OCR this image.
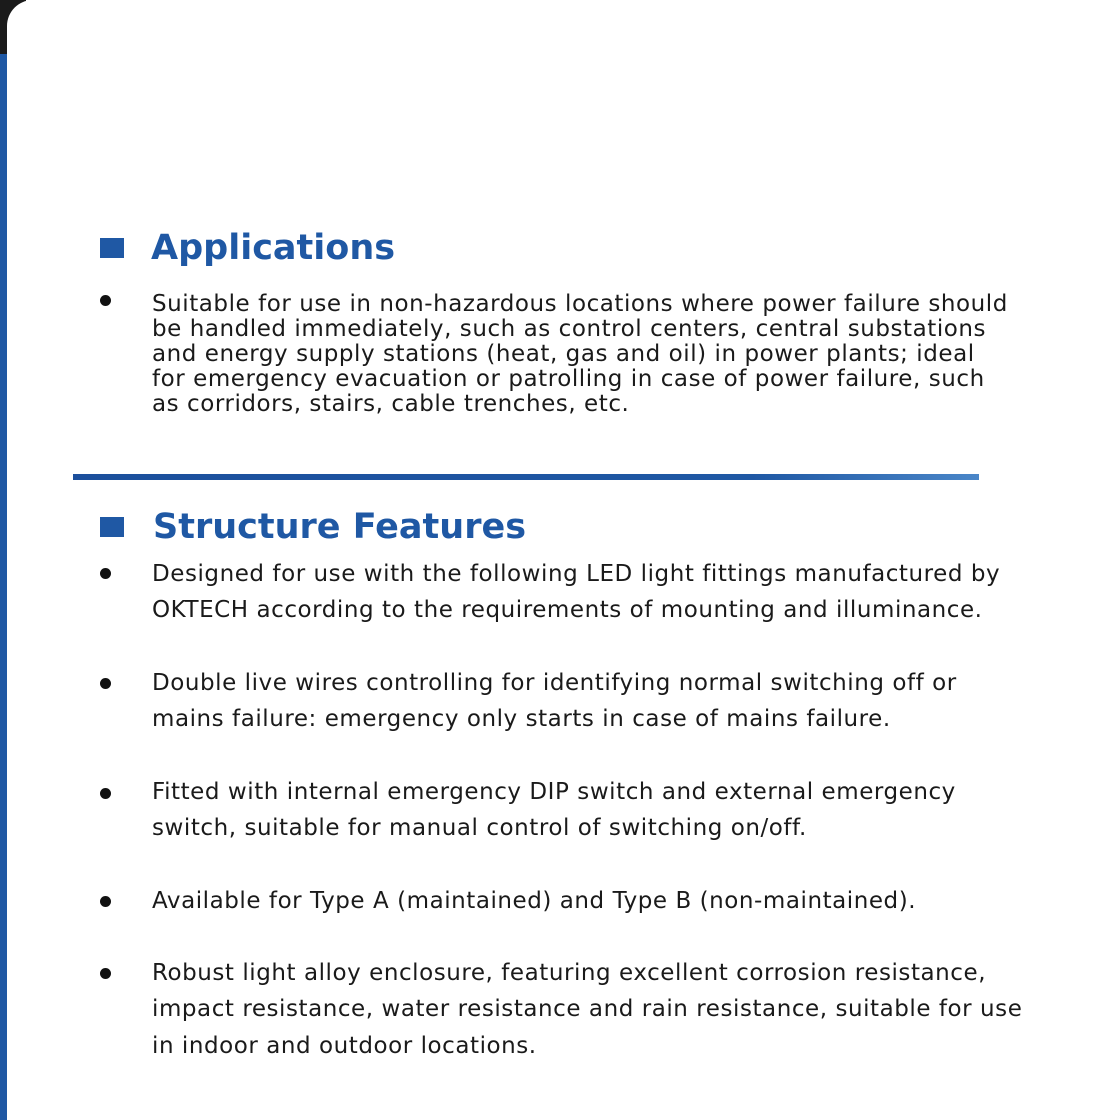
Applications

Suitable for use in non-hazardous locations where power failure should be handled immediately, such as control centers, central substations and energy supply stations (heat, gas and oil) in power plants; ideal for emergency evacuation or patrolling in case of power failure, such as corridors, stairs, cable trenches, etc.

Structure Features

Designed for use with the following LED light fittings manufactured by OKTECH according to the requirements of mounting and illuminance.

Double live wires controlling for identifying normal switching off or mains failure: emergency only starts in case of mains failure.

Fitted with internal emergency DIP switch and external emergency switch, suitable for manual control of switching on/off.

Available for Type A (maintained) and Type B (non-maintained).

Robust light alloy enclosure, featuring excellent corrosion resistance, impact resistance, water resistance and rain resistance, suitable for use in indoor and outdoor locations.
